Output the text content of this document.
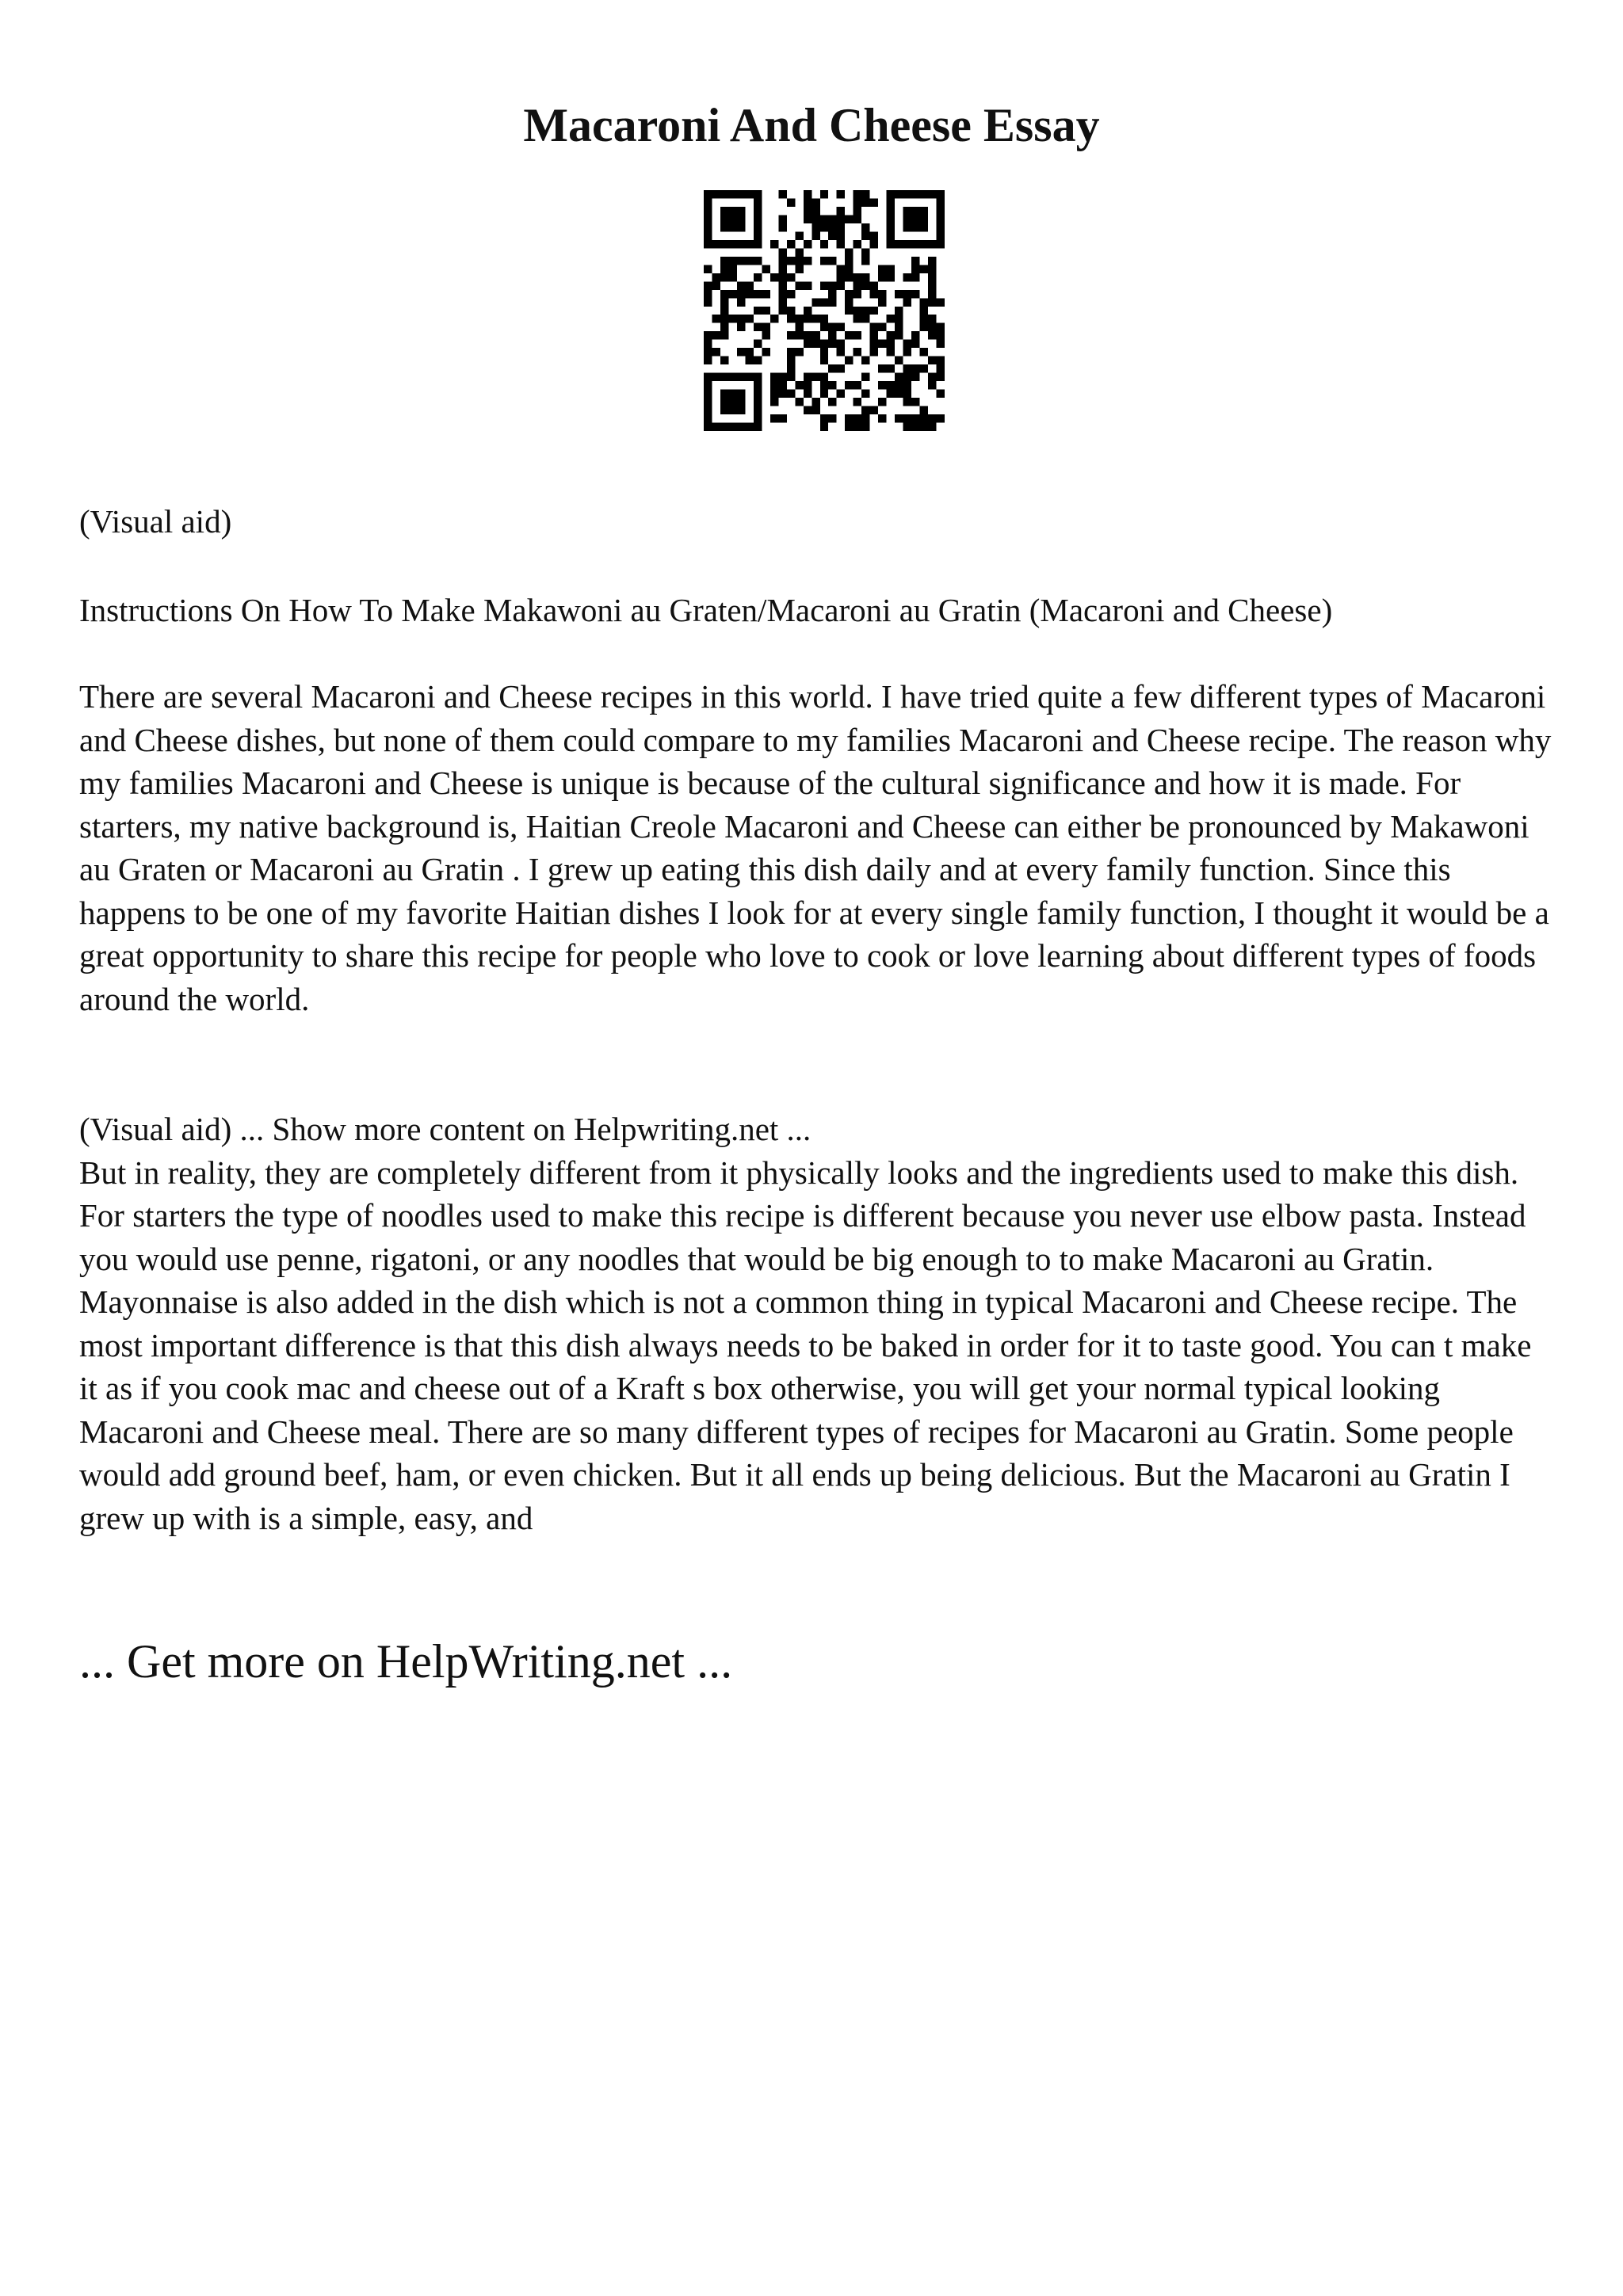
Macaroni And Cheese Essay

(Visual aid)

Instructions On How To Make Makawoni au Graten/Macaroni au Gratin (Macaroni and Cheese)

There are several Macaroni and Cheese recipes in this world. I have tried quite a few different types of Macaroni and Cheese dishes, but none of them could compare to my families Macaroni and Cheese recipe. The reason why my families Macaroni and Cheese is unique is because of the cultural significance and how it is made. For starters, my native background is, Haitian Creole Macaroni and Cheese can either be pronounced by Makawoni au Graten or Macaroni au Gratin . I grew up eating this dish daily and at every family function. Since this happens to be one of my favorite Haitian dishes I look for at every single family function, I thought it would be a great opportunity to share this recipe for people who love to cook or love learning about different types of foods around the world.

(Visual aid) ... Show more content on Helpwriting.net ...
But in reality, they are completely different from it physically looks and the ingredients used to make this dish. For starters the type of noodles used to make this recipe is different because you never use elbow pasta. Instead you would use penne, rigatoni, or any noodles that would be big enough to to make Macaroni au Gratin. Mayonnaise is also added in the dish which is not a common thing in typical Macaroni and Cheese recipe. The most important difference is that this dish always needs to be baked in order for it to taste good. You can t make it as if you cook mac and cheese out of a Kraft s box otherwise, you will get your normal typical looking Macaroni and Cheese meal. There are so many different types of recipes for Macaroni au Gratin. Some people would add ground beef, ham, or even chicken. But it all ends up being delicious. But the Macaroni au Gratin I grew up with is a simple, easy, and

... Get more on HelpWriting.net ...
